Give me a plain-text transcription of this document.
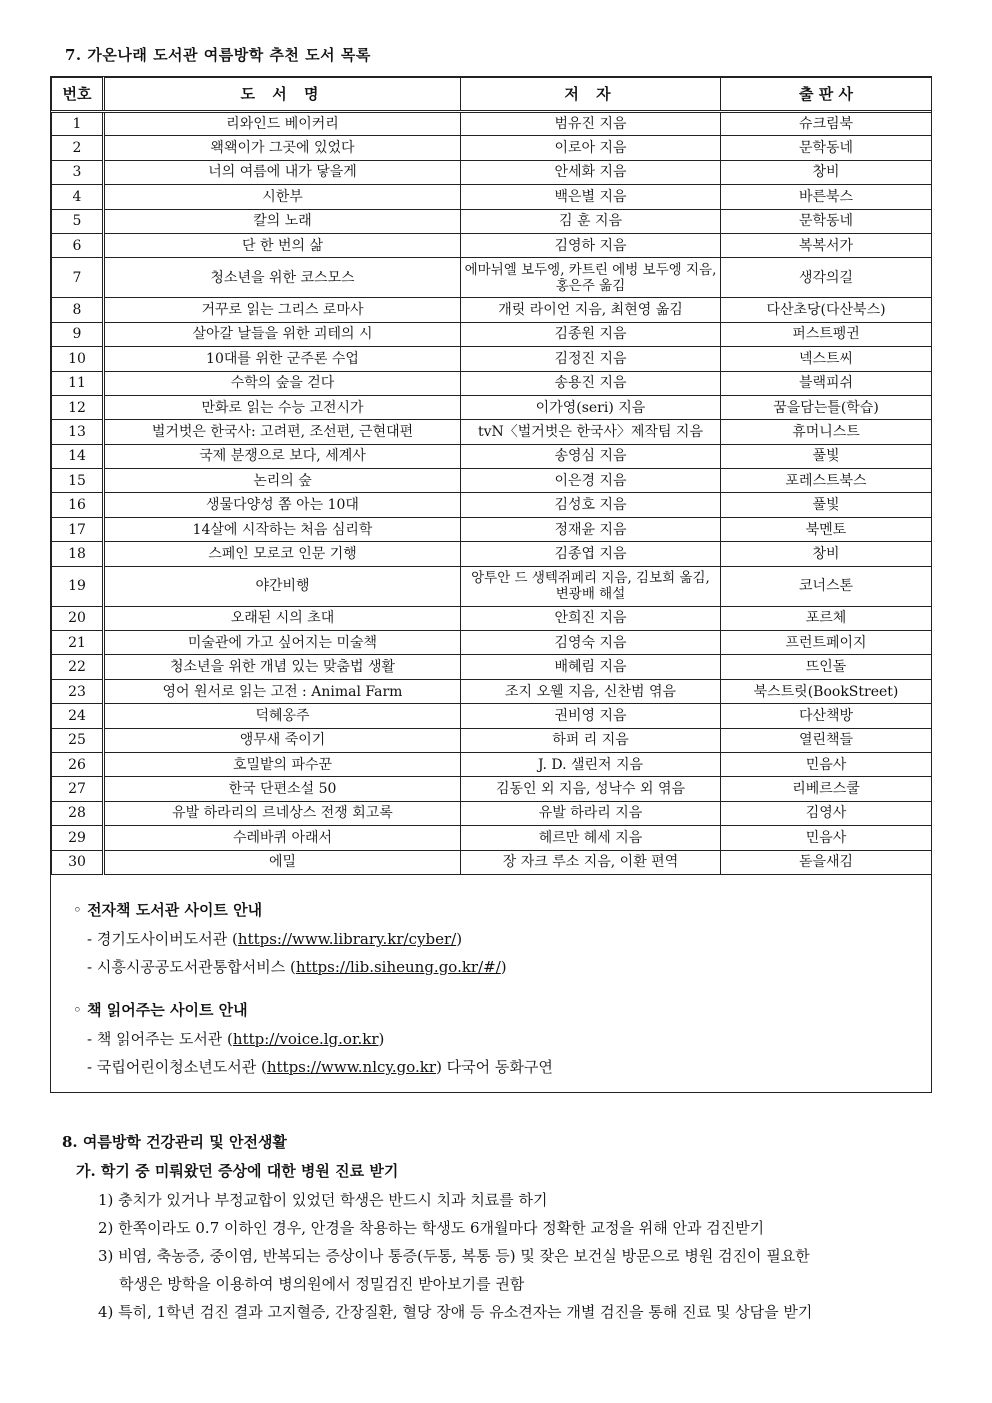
7. 가온나래 도서관 여름방학 추천 도서 목록
번호	도 서 명	저 자	출 판 사
1	리와인드 베이커리	범유진 지음	슈크림북
2	왝왝이가 그곳에 있었다	이로아 지음	문학동네
3	너의 여름에 내가 닿을게	안세화 지음	창비
4	시한부	백은별 지음	바른북스
5	칼의 노래	김 훈 지음	문학동네
6	단 한 번의 삶	김영하 지음	복복서가
7	청소년을 위한 코스모스	에마뉘엘 보두엥, 카트린 에벙 보두엥 지음, 홍은주 옮김	생각의길
8	거꾸로 읽는 그리스 로마사	개릿 라이언 지음, 최현영 옮김	다산초당(다산북스)
9	살아갈 날들을 위한 괴테의 시	김종원 지음	퍼스트펭귄
10	10대를 위한 군주론 수업	김정진 지음	넥스트씨
11	수학의 숲을 걷다	송용진 지음	블랙피쉬
12	만화로 읽는 수능 고전시가	이가영(seri) 지음	꿈을담는틀(학습)
13	벌거벗은 한국사: 고려편, 조선편, 근현대편	tvN〈벌거벗은 한국사〉제작팀 지음	휴머니스트
14	국제 분쟁으로 보다, 세계사	송영심 지음	풀빛
15	논리의 숲	이은경 지음	포레스트북스
16	생물다양성 쫌 아는 10대	김성호 지음	풀빛
17	14살에 시작하는 처음 심리학	정재윤 지음	북멘토
18	스페인 모로코 인문 기행	김종엽 지음	창비
19	야간비행	앙투안 드 생텍쥐페리 지음, 김보희 옮김, 변광배 해설	코너스톤
20	오래된 시의 초대	안희진 지음	포르체
21	미술관에 가고 싶어지는 미술책	김영숙 지음	프런트페이지
22	청소년을 위한 개념 있는 맞춤법 생활	배혜림 지음	뜨인돌
23	영어 원서로 읽는 고전 : Animal Farm	조지 오웰 지음, 신찬범 엮음	북스트릿(BookStreet)
24	덕혜옹주	권비영 지음	다산책방
25	앵무새 죽이기	하퍼 리 지음	열린책들
26	호밀밭의 파수꾼	J. D. 샐린저 지음	민음사
27	한국 단편소설 50	김동인 외 지음, 성낙수 외 엮음	리베르스쿨
28	유발 하라리의 르네상스 전쟁 회고록	유발 하라리 지음	김영사
29	수레바퀴 아래서	헤르만 헤세 지음	민음사
30	에밀	장 자크 루소 지음, 이환 편역	돋을새김
◦ 전자책 도서관 사이트 안내
- 경기도사이버도서관 (https://www.library.kr/cyber/)
- 시흥시공공도서관통합서비스 (https://lib.siheung.go.kr/#/)
◦ 책 읽어주는 사이트 안내
- 책 읽어주는 도서관 (http://voice.lg.or.kr)
- 국립어린이청소년도서관 (https://www.nlcy.go.kr) 다국어 동화구연
8. 여름방학 건강관리 및 안전생활
가. 학기 중 미뤄왔던 증상에 대한 병원 진료 받기
1) 충치가 있거나 부정교합이 있었던 학생은 반드시 치과 치료를 하기
2) 한쪽이라도 0.7 이하인 경우, 안경을 착용하는 학생도 6개월마다 정확한 교정을 위해 안과 검진받기
3) 비염, 축농증, 중이염, 반복되는 증상이나 통증(두통, 복통 등) 및 잦은 보건실 방문으로 병원 검진이 필요한
학생은 방학을 이용하여 병의원에서 정밀검진 받아보기를 권함
4) 특히, 1학년 검진 결과 고지혈증, 간장질환, 혈당 장애 등 유소견자는 개별 검진을 통해 진료 및 상담을 받기
